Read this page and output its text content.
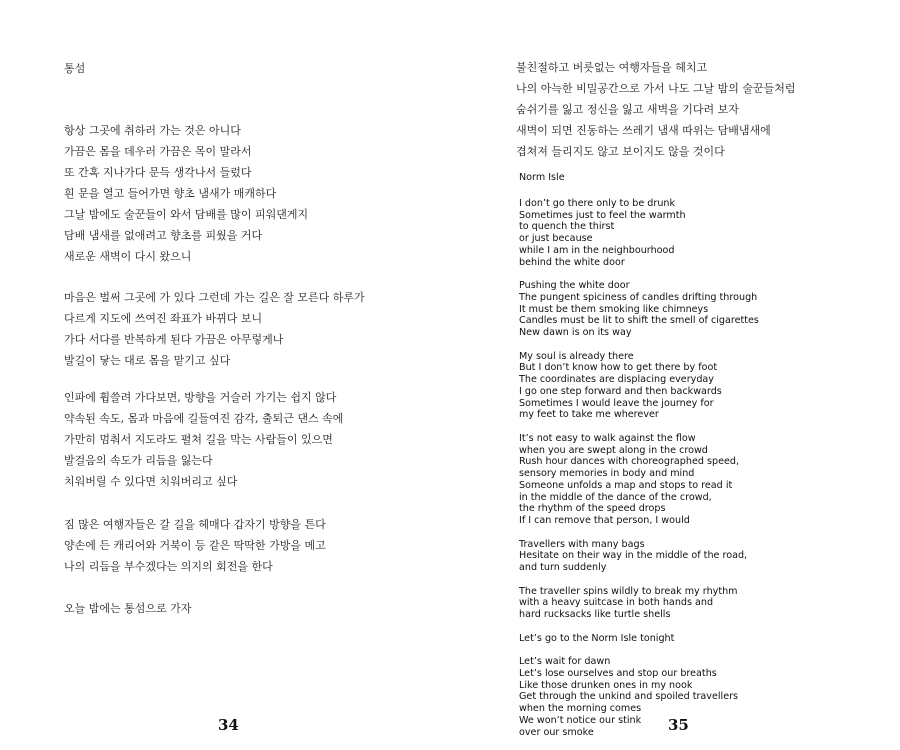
통섬
항상 그곳에 취하러 가는 것은 아니다
가끔은 몸을 데우러 가끔은 목이 말라서
또 간혹 지나가다 문득 생각나서 들렀다
흰 문을 열고 들어가면 향초 냄새가 매캐하다
그날 밤에도 술꾼들이 와서 담배를 많이 피워댄게지
담배 냄새를 없애려고 향초를 피웠을 거다
새로운 새벽이 다시 왔으니
마음은 벌써 그곳에 가 있다 그런데 가는 길은 잘 모른다 하루가
다르게 지도에 쓰여진 좌표가 바뀌다 보니
가다 서다를 반복하게 된다 가끔은 아무렇게나
발길이 닿는 대로 몸을 맡기고 싶다
인파에 휩쓸려 가다보면, 방향을 거슬러 가기는 쉽지 않다
약속된 속도, 몸과 마음에 길들여진 감각, 출퇴근 댄스 속에
가만히 멈춰서 지도라도 펼쳐 길을 막는 사람들이 있으면
발걸음의 속도가 리듬을 잃는다
치워버릴 수 있다면 치워버리고 싶다
짐 많은 여행자들은 갈 길을 헤매다 갑자기 방향을 튼다
양손에 든 캐리어와 거북이 등 같은 딱딱한 가방을 메고
나의 리듬을 부수겠다는 의지의 회전을 한다
오늘 밤에는 통섬으로 가자
34
불친절하고 버릇없는 여행자들을 헤치고
나의 아늑한 비밀공간으로 가서 나도 그날 밤의 술꾼들처럼
숨쉬기를 잃고 정신을 잃고 새벽을 기다려 보자
새벽이 되면 진동하는 쓰레기 냄새 따위는 담배냄새에
겹쳐져 들리지도 않고 보이지도 않을 것이다
Norm Isle
I don’t go there only to be drunk
Sometimes just to feel the warmth
to quench the thirst
or just because
while I am in the neighbourhood
behind the white door
Pushing the white door
The pungent spiciness of candles drifting through
It must be them smoking like chimneys
Candles must be lit to shift the smell of cigarettes
New dawn is on its way
My soul is already there
But I don’t know how to get there by foot
The coordinates are displacing everyday
I go one step forward and then backwards
Sometimes I would leave the journey for
my feet to take me wherever
It’s not easy to walk against the flow
when you are swept along in the crowd
Rush hour dances with choreographed speed,
sensory memories in body and mind
Someone unfolds a map and stops to read it
in the middle of the dance of the crowd,
the rhythm of the speed drops
If I can remove that person, I would
Travellers with many bags
Hesitate on their way in the middle of the road,
and turn suddenly
The traveller spins wildly to break my rhythm
with a heavy suitcase in both hands and
hard rucksacks like turtle shells
Let’s go to the Norm Isle tonight
Let’s wait for dawn
Let’s lose ourselves and stop our breaths
Like those drunken ones in my nook
Get through the unkind and spoiled travellers
when the morning comes
We won’t notice our stink
over our smoke	35
